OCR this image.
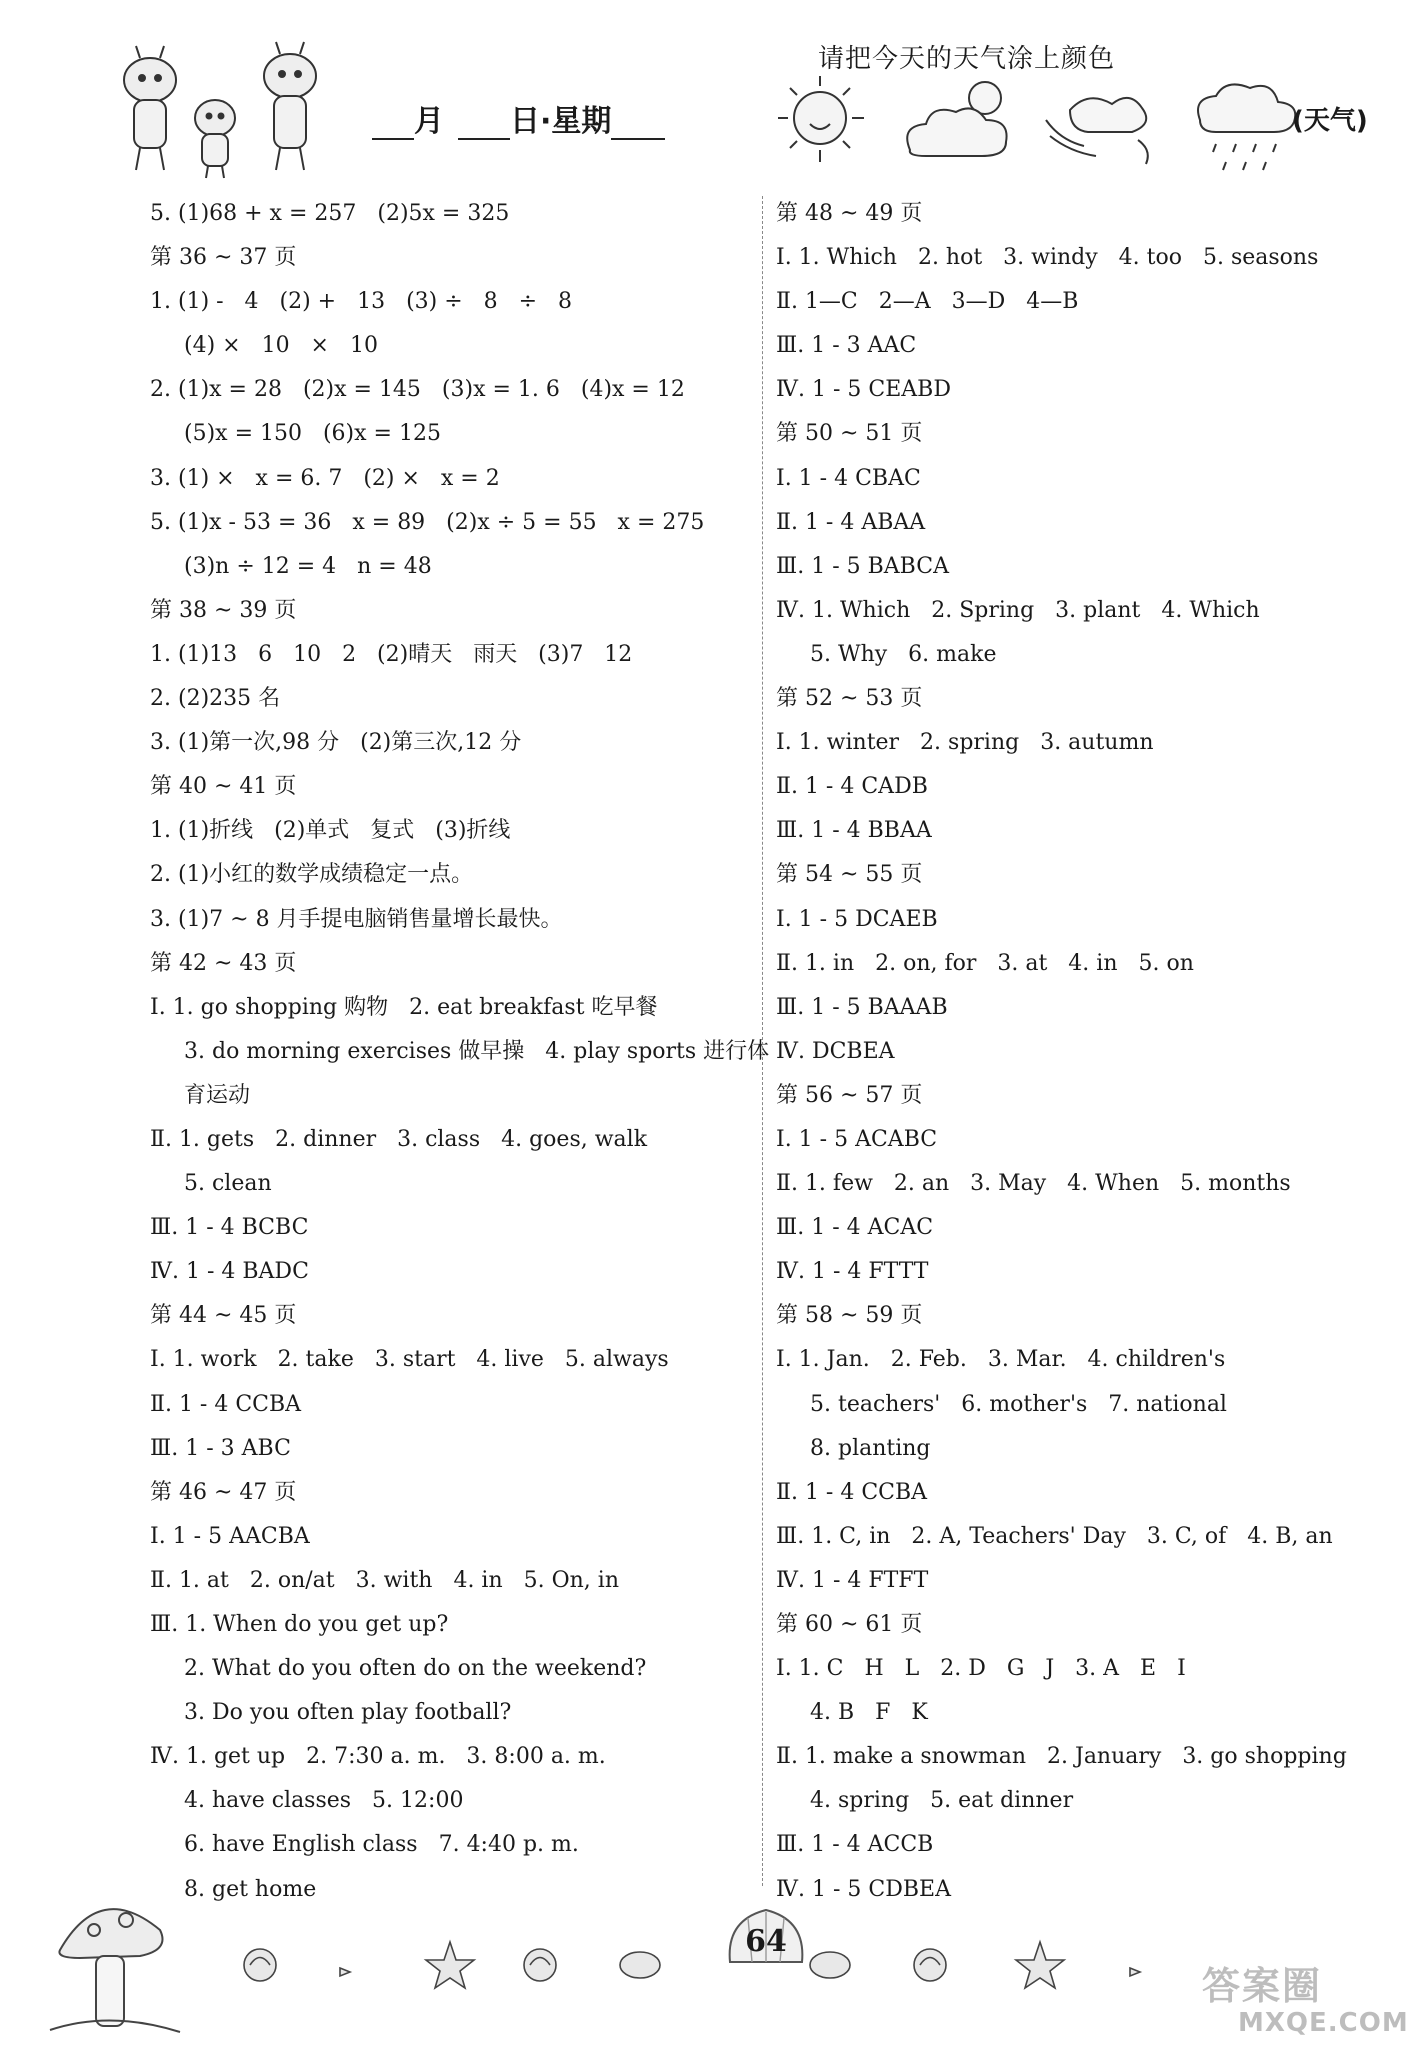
月 日·星期
请把今天的天气涂上颜色
(天气)
5. (1)68 + x = 257   (2)5x = 325
第 36 ~ 37 页
1. (1) -   4   (2) +   13   (3) ÷   8   ÷   8
(4) ×   10   ×   10
2. (1)x = 28   (2)x = 145   (3)x = 1. 6   (4)x = 12
(5)x = 150   (6)x = 125
3. (1) ×   x = 6. 7   (2) ×   x = 2
5. (1)x - 53 = 36   x = 89   (2)x ÷ 5 = 55   x = 275
(3)n ÷ 12 = 4   n = 48
第 38 ~ 39 页
1. (1)13   6   10   2   (2)晴天   雨天   (3)7   12
2. (2)235 名
3. (1)第一次,98 分   (2)第三次,12 分
第 40 ~ 41 页
1. (1)折线   (2)单式   复式   (3)折线
2. (1)小红的数学成绩稳定一点。
3. (1)7 ~ 8 月手提电脑销售量增长最快。
第 42 ~ 43 页
Ⅰ. 1. go shopping 购物   2. eat breakfast 吃早餐
3. do morning exercises 做早操   4. play sports 进行体
育运动
Ⅱ. 1. gets   2. dinner   3. class   4. goes, walk
5. clean
Ⅲ. 1 - 4 BCBC
Ⅳ. 1 - 4 BADC
第 44 ~ 45 页
Ⅰ. 1. work   2. take   3. start   4. live   5. always
Ⅱ. 1 - 4 CCBA
Ⅲ. 1 - 3 ABC
第 46 ~ 47 页
Ⅰ. 1 - 5 AACBA
Ⅱ. 1. at   2. on/at   3. with   4. in   5. On, in
Ⅲ. 1. When do you get up?
2. What do you often do on the weekend?
3. Do you often play football?
Ⅳ. 1. get up   2. 7:30 a. m.   3. 8:00 a. m.
4. have classes   5. 12:00
6. have English class   7. 4:40 p. m.
8. get home
第 48 ~ 49 页
Ⅰ. 1. Which   2. hot   3. windy   4. too   5. seasons
Ⅱ. 1—C   2—A   3—D   4—B
Ⅲ. 1 - 3 AAC
Ⅳ. 1 - 5 CEABD
第 50 ~ 51 页
Ⅰ. 1 - 4 CBAC
Ⅱ. 1 - 4 ABAA
Ⅲ. 1 - 5 BABCA
Ⅳ. 1. Which   2. Spring   3. plant   4. Which
5. Why   6. make
第 52 ~ 53 页
Ⅰ. 1. winter   2. spring   3. autumn
Ⅱ. 1 - 4 CADB
Ⅲ. 1 - 4 BBAA
第 54 ~ 55 页
Ⅰ. 1 - 5 DCAEB
Ⅱ. 1. in   2. on, for   3. at   4. in   5. on
Ⅲ. 1 - 5 BAAAB
Ⅳ. DCBEA
第 56 ~ 57 页
Ⅰ. 1 - 5 ACABC
Ⅱ. 1. few   2. an   3. May   4. When   5. months
Ⅲ. 1 - 4 ACAC
Ⅳ. 1 - 4 FTTT
第 58 ~ 59 页
Ⅰ. 1. Jan.   2. Feb.   3. Mar.   4. children's
5. teachers'   6. mother's   7. national
8. planting
Ⅱ. 1 - 4 CCBA
Ⅲ. 1. C, in   2. A, Teachers' Day   3. C, of   4. B, an
Ⅳ. 1 - 4 FTFT
第 60 ~ 61 页
Ⅰ. 1. C   H   L   2. D   G   J   3. A   E   I
4. B   F   K
Ⅱ. 1. make a snowman   2. January   3. go shopping
4. spring   5. eat dinner
Ⅲ. 1 - 4 ACCB
Ⅳ. 1 - 5 CDBEA
64
答案圈
MXQE.COM
